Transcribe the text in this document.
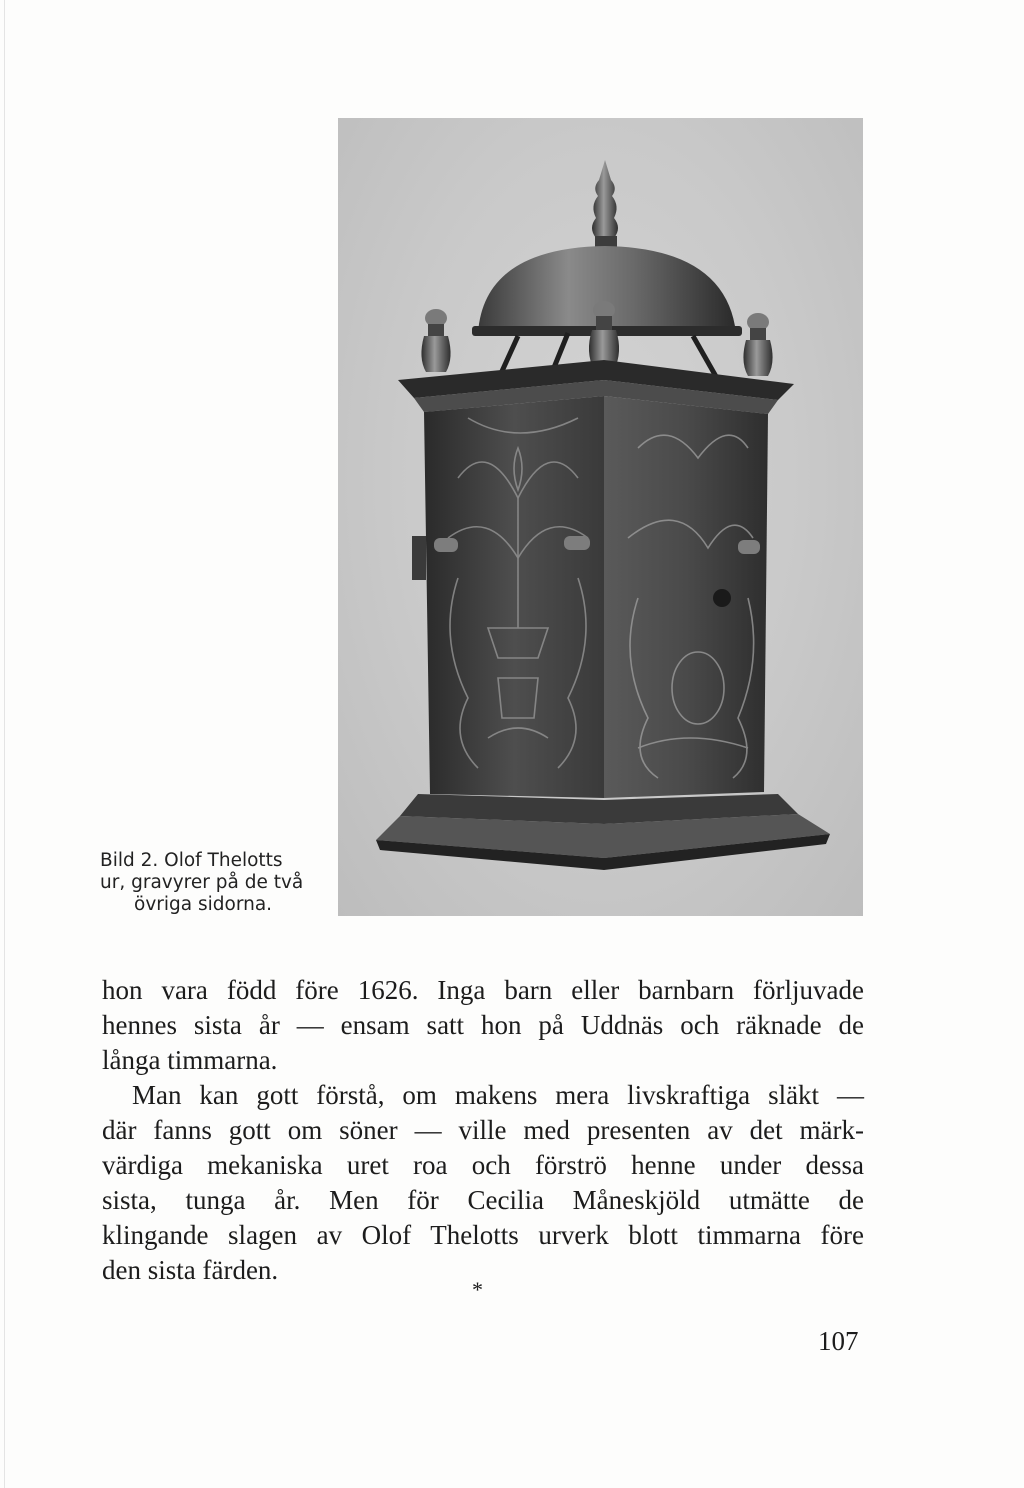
Bild 2. Olof Thelotts
ur, gravyrer på de två
övriga sidorna.
hon vara född före 1626. Inga barn eller barnbarn förljuvade
hennes sista år — ensam satt hon på Uddnäs och räknade de
långa timmarna.
Man kan gott förstå, om makens mera livskraftiga släkt —
där fanns gott om söner — ville med presenten av det märk-
värdiga mekaniska uret roa och förströ henne under dessa
sista, tunga år. Men för Cecilia Måneskjöld utmätte de
klingande slagen av Olof Thelotts urverk blott timmarna före
den sista färden.
*
107
